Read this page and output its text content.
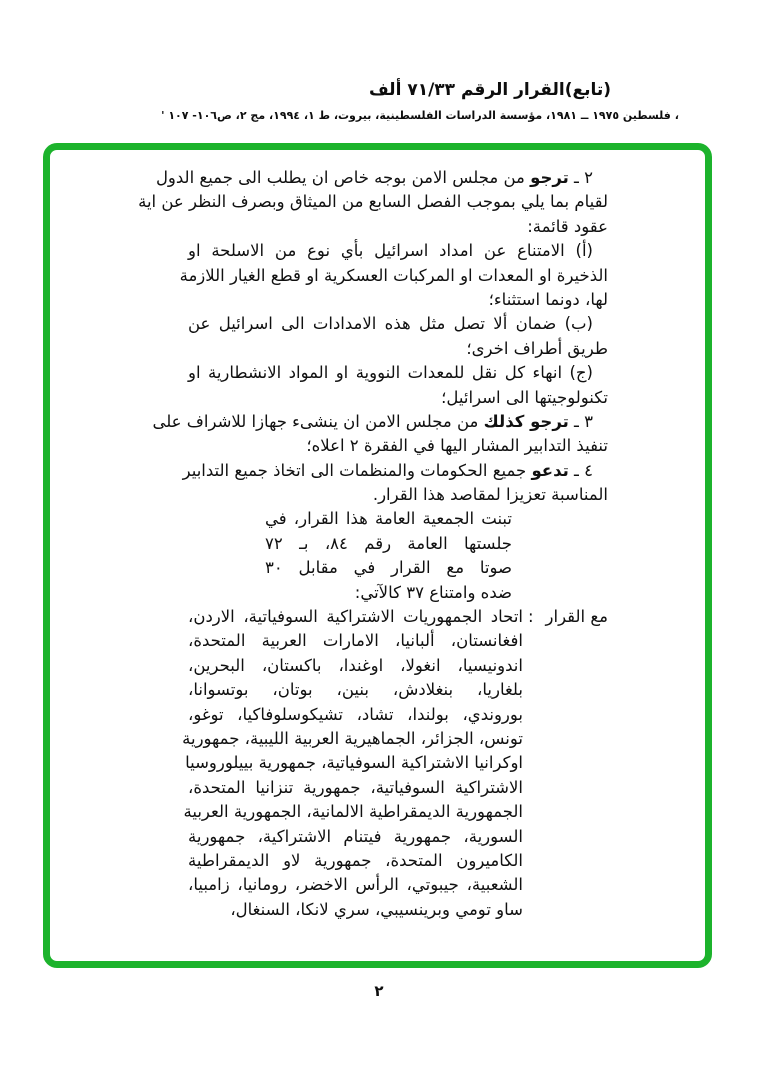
(تابع)القرار الرقم ٧١/٣٣ ألف
، فلسطين ١٩٧٥ ــ ١٩٨١، مؤسسة الدراسات الفلسطينية، بيروت، ط ١، ١٩٩٤، مج ٢، ص١٠٦- ١٠٧ '
٢ ـ ترجو من مجلس الامن بوجه خاص ان يطلب الى جميع الدول
لقيام بما يلي بموجب الفصل السابع من الميثاق وبصرف النظر عن اية
عقود قائمة:
(أ) الامتناع عن امداد اسرائيل بأي نوع من الاسلحة او
الذخيرة او المعدات او المركبات العسكرية او قطع الغيار اللازمة
لها، دونما استثناء؛
(ب) ضمان ألا تصل مثل هذه الامدادات الى اسرائيل عن
طريق أطراف اخرى؛
(ج) انهاء كل نقل للمعدات النووية او المواد الانشطارية او
تكنولوجيتها الى اسرائيل؛
٣ ـ ترجو كذلك من مجلس الامن ان ينشىء جهازا للاشراف على
تنفيذ التدابير المشار اليها في الفقرة ٢ اعلاه؛
٤ ـ تدعو جميع الحكومات والمنظمات الى اتخاذ جميع التدابير
المناسبة تعزيزا لمقاصد هذا القرار.
تبنت الجمعية العامة هذا القرار، في
جلستها العامة رقم ٨٤، بـ ٧٢
صوتا مع القرار في مقابل ٣٠
ضده وامتناع ٣٧ كالآتي:
مع القرار
:
اتحاد الجمهوريات الاشتراكية السوفياتية، الاردن،
افغانستان، ألبانيا، الامارات العربية المتحدة،
اندونيسيا، انغولا، اوغندا، باكستان، البحرين،
بلغاريا، بنغلادش، بنين، بوتان، بوتسوانا،
بوروندي، بولندا، تشاد، تشيكوسلوفاكيا، توغو،
تونس، الجزائر، الجماهيرية العربية الليبية، جمهورية
اوكرانيا الاشتراكية السوفياتية، جمهورية بييلوروسيا
الاشتراكية السوفياتية، جمهورية تنزانيا المتحدة،
الجمهورية الديمقراطية الالمانية، الجمهورية العربية
السورية، جمهورية فيتنام الاشتراكية، جمهورية
الكاميرون المتحدة، جمهورية لاو الديمقراطية
الشعبية، جيبوتي، الرأس الاخضر، رومانيا، زامبيا،
ساو تومي وبرينسيبي، سري لانكا، السنغال،
٢
